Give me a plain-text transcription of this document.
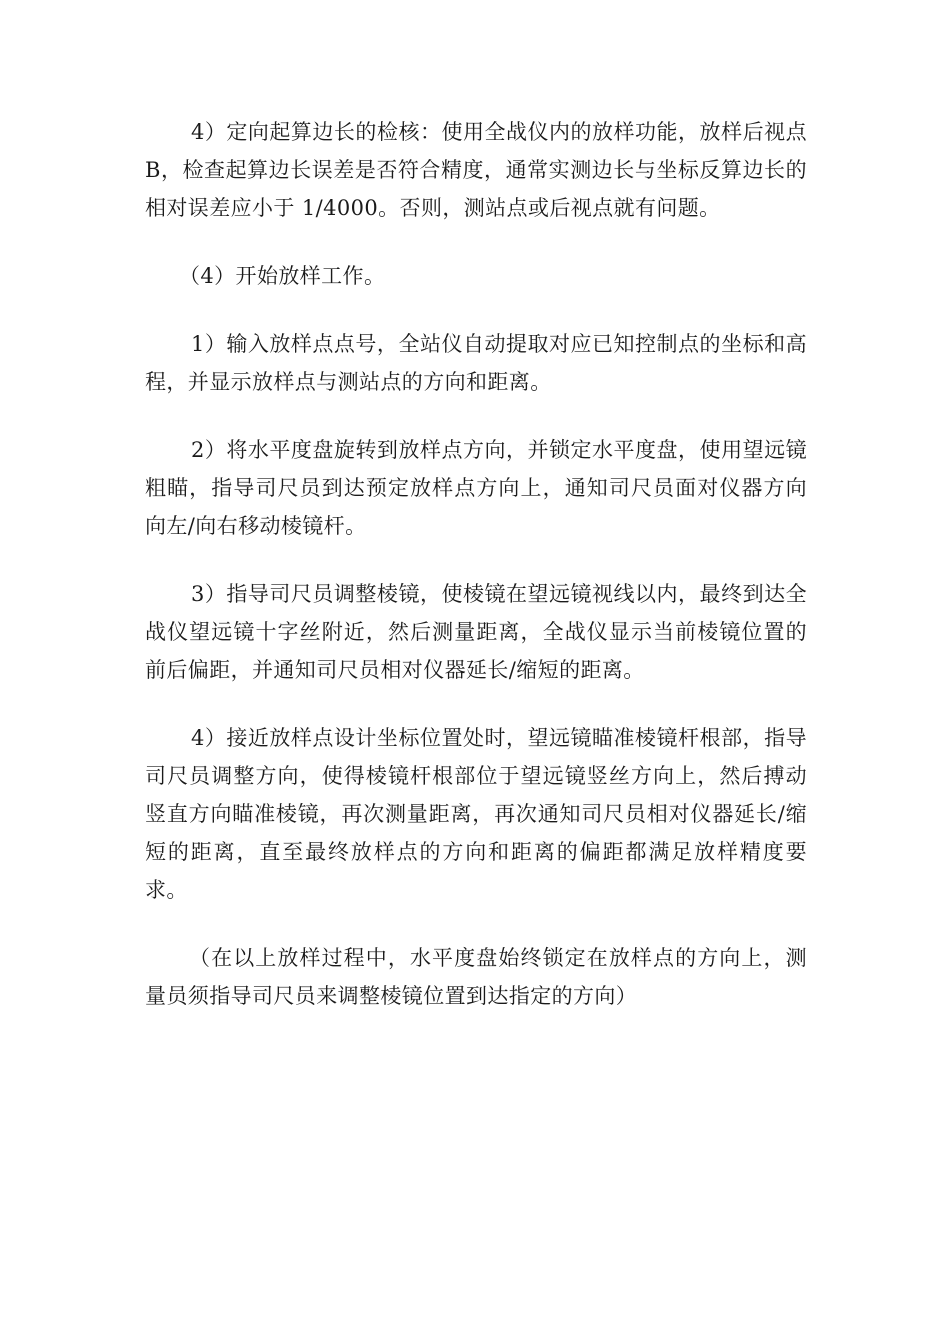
4）定向起算边长的检核：使用全战仪内的放样功能，放样后视点 B，检查起算边长误差是否符合精度，通常实测边长与坐标反算边长的相对误差应小于 1/4000。否则，测站点或后视点就有问题。

（4）开始放样工作。

1）输入放样点点号，全站仪自动提取对应已知控制点的坐标和高程，并显示放样点与测站点的方向和距离。

2）将水平度盘旋转到放样点方向，并锁定水平度盘，使用望远镜粗瞄，指导司尺员到达预定放样点方向上，通知司尺员面对仪器方向向左/向右移动棱镜杆。

3）指导司尺员调整棱镜，使棱镜在望远镜视线以内，最终到达全战仪望远镜十字丝附近，然后测量距离，全战仪显示当前棱镜位置的前后偏距，并通知司尺员相对仪器延长/缩短的距离。

4）接近放样点设计坐标位置处时，望远镜瞄准棱镜杆根部，指导司尺员调整方向，使得棱镜杆根部位于望远镜竖丝方向上，然后搏动竖直方向瞄准棱镜，再次测量距离，再次通知司尺员相对仪器延长/缩短的距离，直至最终放样点的方向和距离的偏距都满足放样精度要求。

（在以上放样过程中，水平度盘始终锁定在放样点的方向上，测量员须指导司尺员来调整棱镜位置到达指定的方向）
